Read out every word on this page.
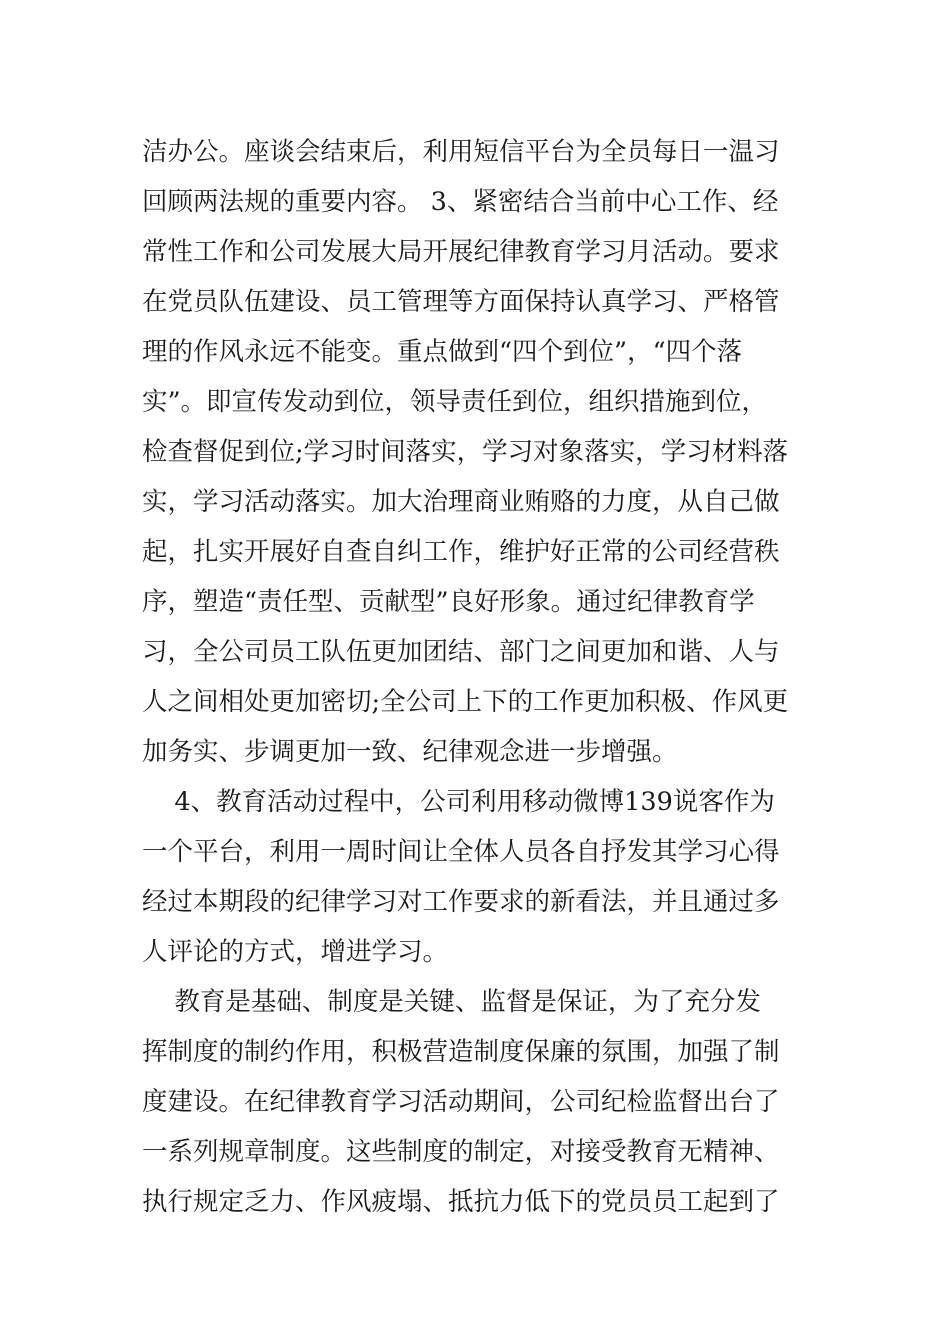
洁办公。座谈会结束后，利用短信平台为全员每日一温习
回顾两法规的重要内容。 3、紧密结合当前中心工作、经
常性工作和公司发展大局开展纪律教育学习月活动。要求
在党员队伍建设、员工管理等方面保持认真学习、严格管
理的作风永远不能变。重点做到“四个到位”，“四个落
实”。即宣传发动到位，领导责任到位，组织措施到位，
检查督促到位;学习时间落实，学习对象落实，学习材料落
实，学习活动落实。加大治理商业贿赂的力度，从自己做
起，扎实开展好自查自纠工作，维护好正常的公司经营秩
序，塑造“责任型、贡献型”良好形象。通过纪律教育学
习，全公司员工队伍更加团结、部门之间更加和谐、人与
人之间相处更加密切;全公司上下的工作更加积极、作风更
加务实、步调更加一致、纪律观念进一步增强。

4、教育活动过程中，公司利用移动微博139说客作为
一个平台，利用一周时间让全体人员各自抒发其学习心得
经过本期段的纪律学习对工作要求的新看法，并且通过多
人评论的方式，增进学习。

教育是基础、制度是关键、监督是保证，为了充分发
挥制度的制约作用，积极营造制度保廉的氛围，加强了制
度建设。在纪律教育学习活动期间，公司纪检监督出台了
一系列规章制度。这些制度的制定，对接受教育无精神、
执行规定乏力、作风疲塌、抵抗力低下的党员员工起到了
